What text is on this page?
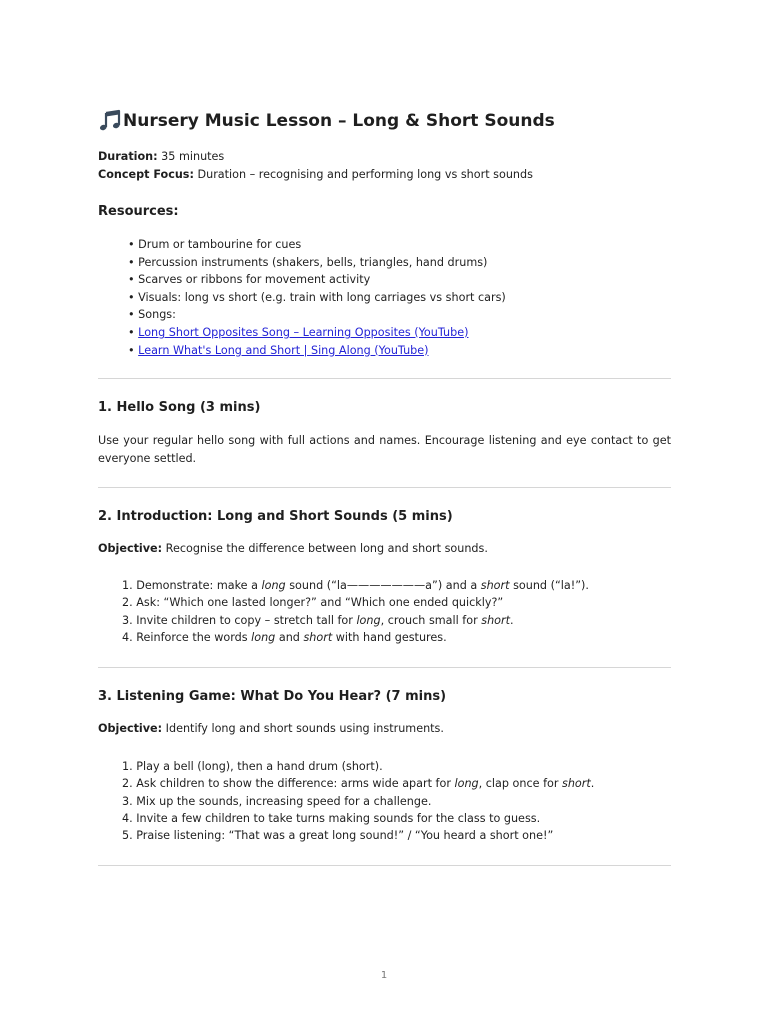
Nursery Music Lesson – Long & Short Sounds
Duration: 35 minutes
Concept Focus: Duration – recognising and performing long vs short sounds
Resources:
• Drum or tambourine for cues
• Percussion instruments (shakers, bells, triangles, hand drums)
• Scarves or ribbons for movement activity
• Visuals: long vs short (e.g. train with long carriages vs short cars)
• Songs:
• Long Short Opposites Song – Learning Opposites (YouTube)
• Learn What's Long and Short | Sing Along (YouTube)
1. Hello Song (3 mins)
Use your regular hello song with full actions and names. Encourage listening and eye contact to get everyone settled.
2. Introduction: Long and Short Sounds (5 mins)
Objective: Recognise the difference between long and short sounds.
1. Demonstrate: make a long sound (“la———————a”) and a short sound (“la!”).
2. Ask: “Which one lasted longer?” and “Which one ended quickly?”
3. Invite children to copy – stretch tall for long, crouch small for short.
4. Reinforce the words long and short with hand gestures.
3. Listening Game: What Do You Hear? (7 mins)
Objective: Identify long and short sounds using instruments.
1. Play a bell (long), then a hand drum (short).
2. Ask children to show the difference: arms wide apart for long, clap once for short.
3. Mix up the sounds, increasing speed for a challenge.
4. Invite a few children to take turns making sounds for the class to guess.
5. Praise listening: “That was a great long sound!” / “You heard a short one!”
1
